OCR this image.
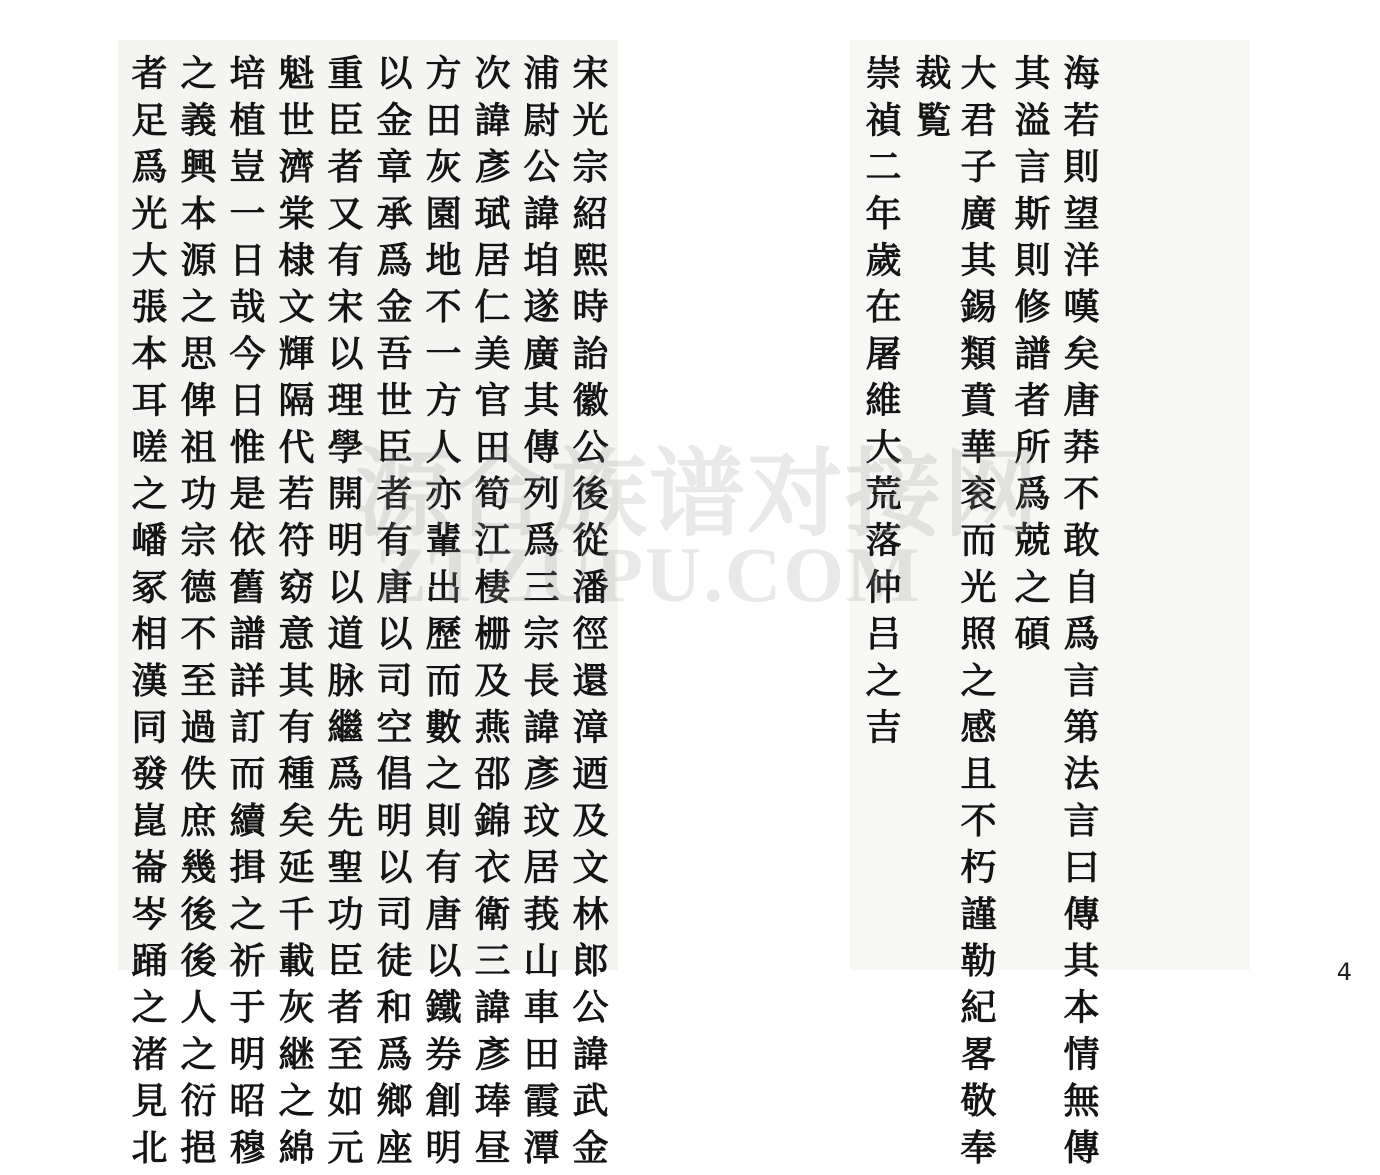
宋光宗紹熙時詒徽公後從潘徑還漳迺及文林郎公諱武金
浦尉公諱垍遂廣其傳列爲三宗長諱彥玟居莪山車田霞潭
次諱彥珷居仁美官田筍江棲栅及燕邵錦衣衛三諱彥琫昼
方田灰園地不一方人亦輩出歷而數之則有唐以鐵券創明
以金章承爲金吾世臣者有唐以司空倡明以司徒和爲鄉座
重臣者又有宋以理學開明以道脉繼爲先聖功臣者至如元
魁世濟棠棣文輝隔代若符窈意其有種矣延千載灰継之綿
培植豈一日哉今日惟是依舊譜詳訂而續揖之祈于明昭穆
之義興本源之思俾祖功宗德不至過佚庶幾後後人之衍挹
者足爲光大張本耳嗟之嶓冢相漢同發崑崙岑踊之渚見北	海若則望洋嘆矣唐莽不敢自爲言第法言曰傳其本情無傳
其溢言斯則修譜者所爲兢之碩
大君子廣其錫類賁華衮而光照之感且不朽謹勒紀畧敬奉
裁覧
崇禎二年歲在屠維大荒落仲吕之吉
源合族谱对接网
ZTZUPU.COM
4
